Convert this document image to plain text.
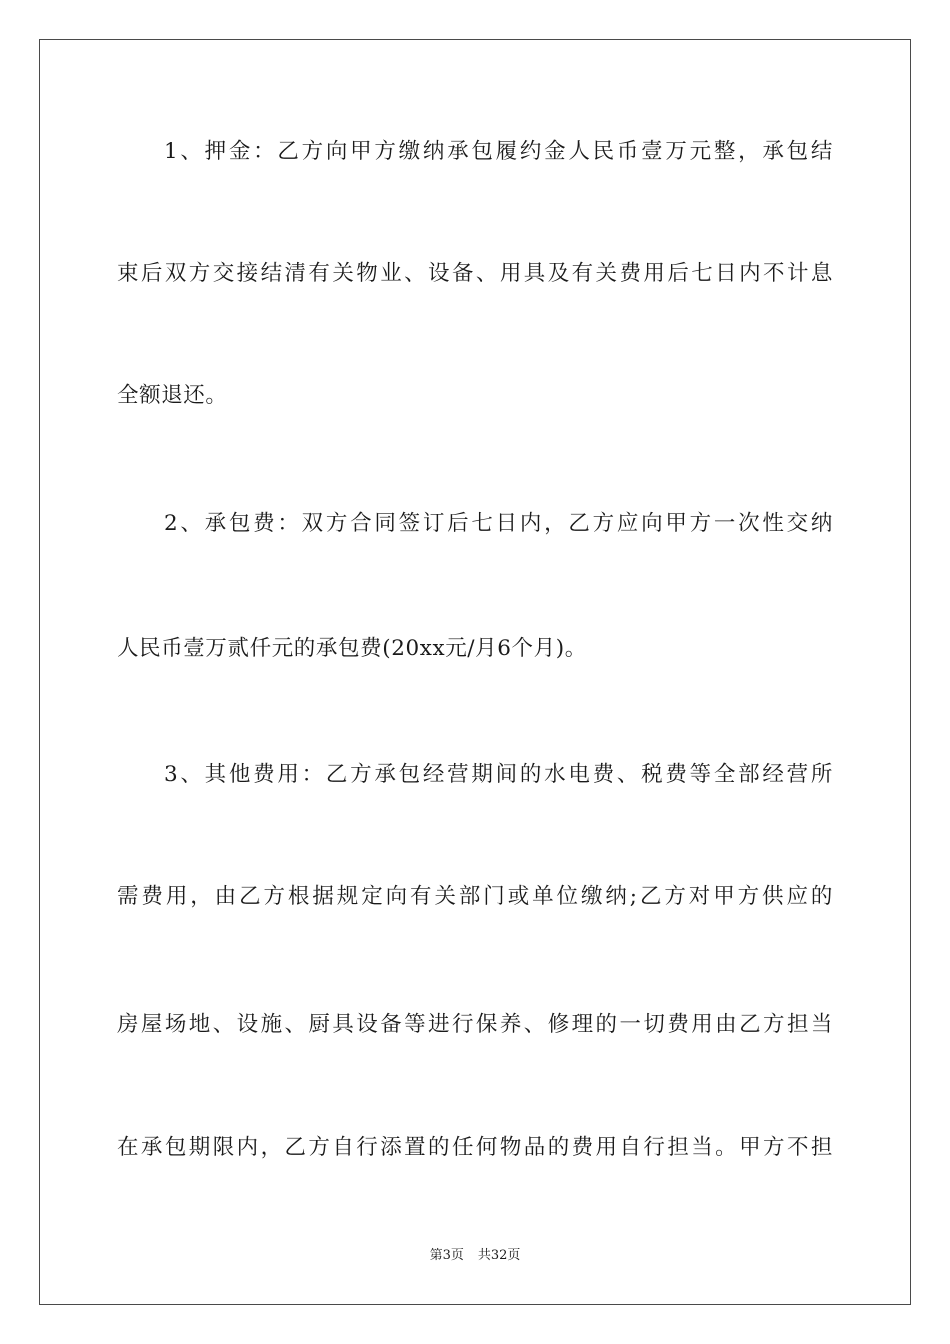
1、押金：乙方向甲方缴纳承包履约金人民币壹万元整，承包结
束后双方交接结清有关物业、设备、用具及有关费用后七日内不计息
全额退还。
2、承包费：双方合同签订后七日内，乙方应向甲方一次性交纳
人民币壹万贰仟元的承包费(20xx元/月6个月)。
3、其他费用：乙方承包经营期间的水电费、税费等全部经营所
需费用，由乙方根据规定向有关部门或单位缴纳;乙方对甲方供应的
房屋场地、设施、厨具设备等进行保养、修理的一切费用由乙方担当
在承包期限内，乙方自行添置的任何物品的费用自行担当。甲方不担
第3页 共32页
